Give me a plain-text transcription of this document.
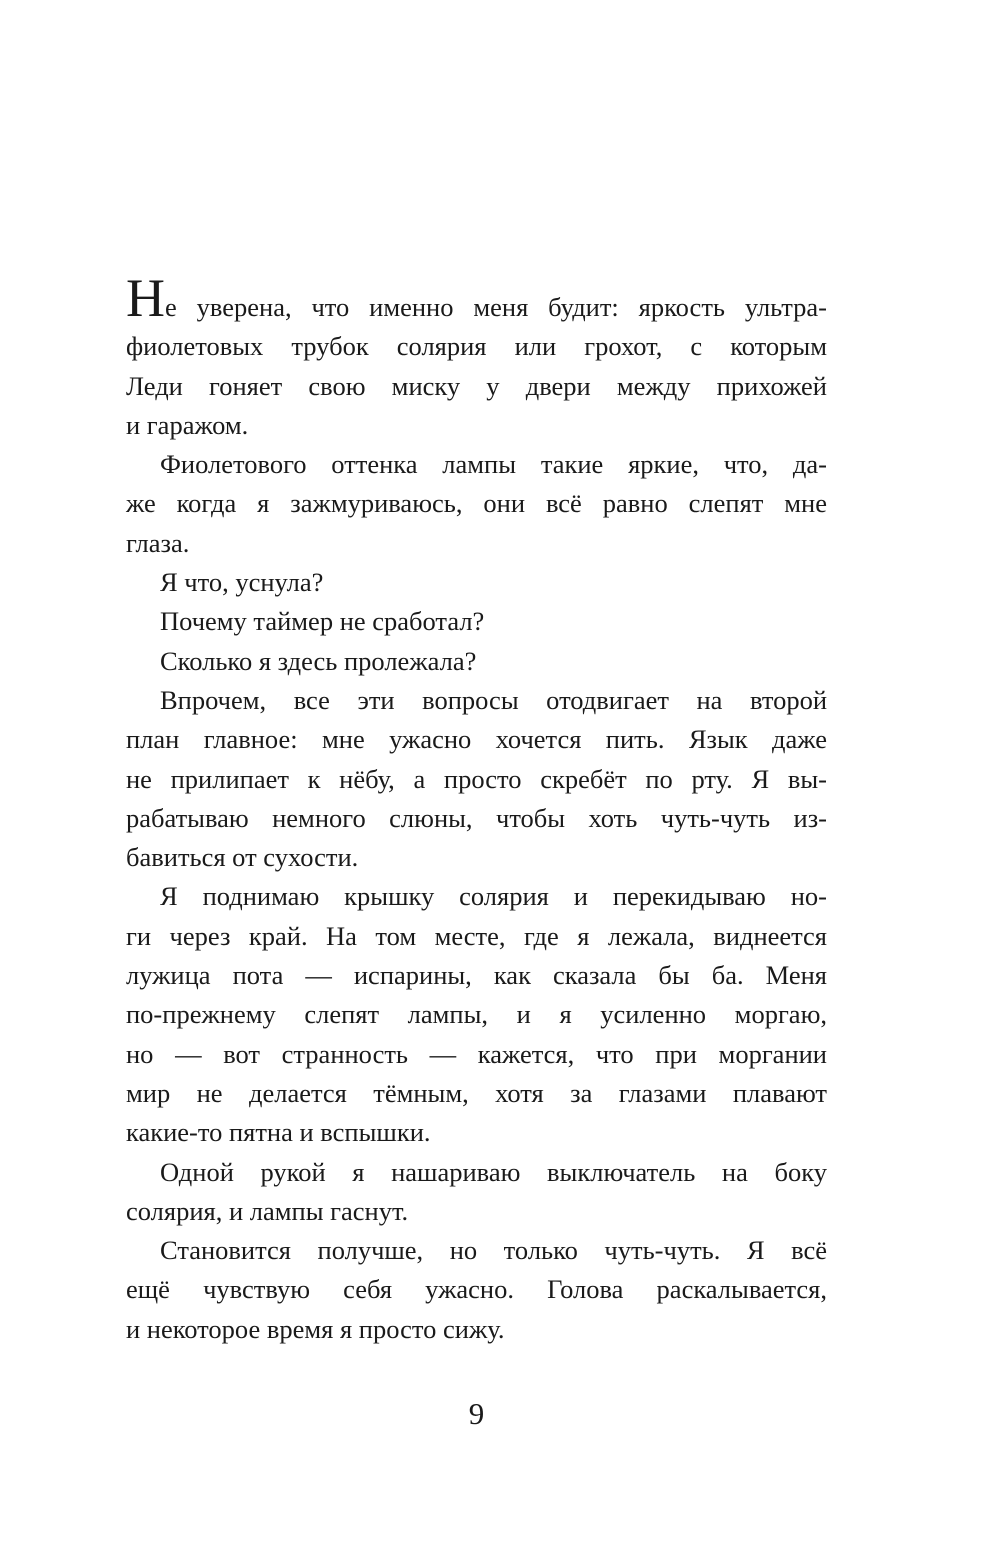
Не уверена, что именно меня будит: яркость ультра-
фиолетовых трубок солярия или грохот, с которым
Леди гоняет свою миску у двери между прихожей
и гаражом.
Фиолетового оттенка лампы такие яркие, что, да-
же когда я зажмуриваюсь, они всё равно слепят мне
глаза.
Я что, уснула?
Почему таймер не сработал?
Сколько я здесь пролежала?
Впрочем, все эти вопросы отодвигает на второй
план главное: мне ужасно хочется пить. Язык даже
не прилипает к нёбу, а просто скребёт по рту. Я вы-
рабатываю немного слюны, чтобы хоть чуть-чуть из-
бавиться от сухости.
Я поднимаю крышку солярия и перекидываю но-
ги через край. На том месте, где я лежала, виднеется
лужица пота — испарины, как сказала бы ба. Меня
по-прежнему слепят лампы, и я усиленно моргаю,
но — вот странность — кажется, что при моргании
мир не делается тёмным, хотя за глазами плавают
какие-то пятна и вспышки.
Одной рукой я нашариваю выключатель на боку
солярия, и лампы гаснут.
Становится получше, но только чуть-чуть. Я всё
ещё чувствую себя ужасно. Голова раскалывается,
и некоторое время я просто сижу.
9
